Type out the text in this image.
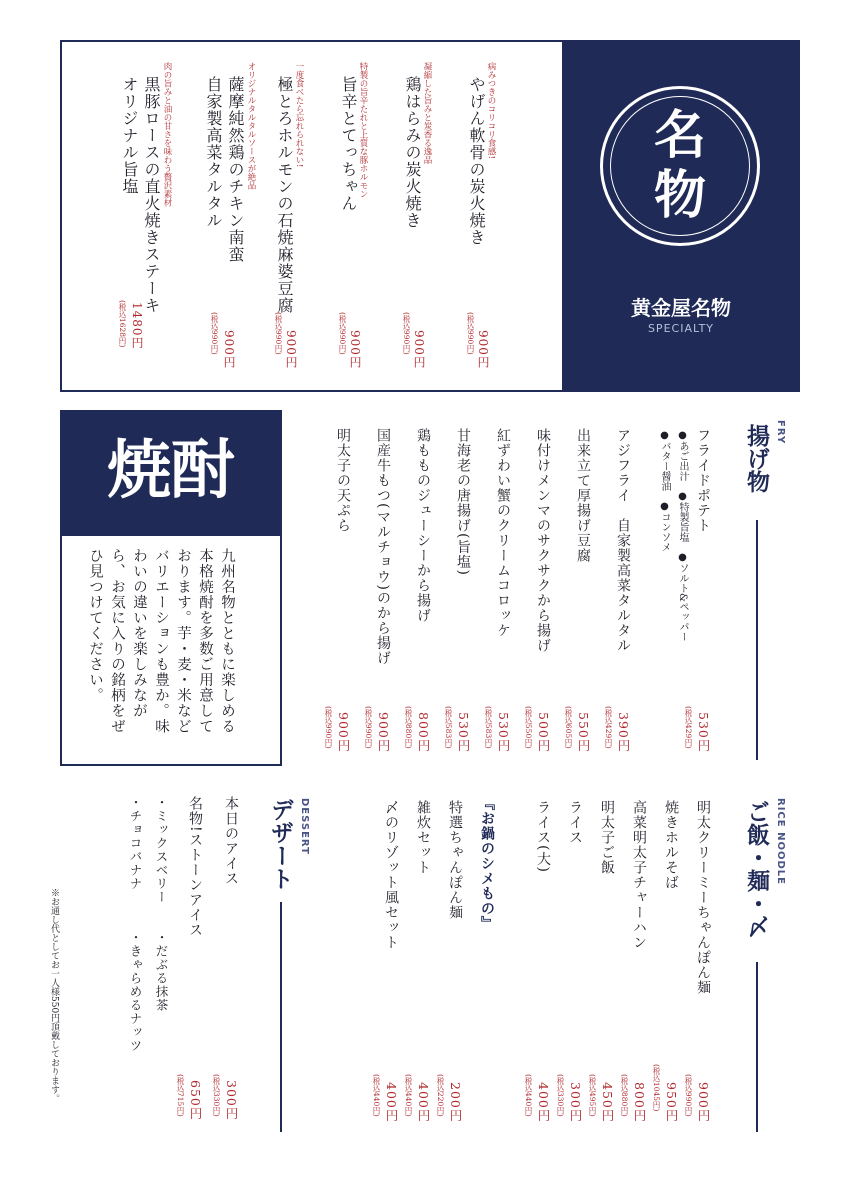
名
物
黄金屋名物
SPECIALTY
病みつきのコリコリ食感!
やげん軟骨の炭火焼き
900円
(税込990円)
凝縮した旨みと炭香る逸品
鶏はらみの炭火焼き
900円
(税込990円)
特製の旨辛たれと上質な豚ホルモン
旨辛とてっちゃん
900円
(税込990円)
一度食べたら忘れられない!
極とろホルモンの石焼麻婆豆腐
900円
(税込990円)
オリジナルタルタルソースが絶品
薩摩純然鶏のチキン南蛮
自家製高菜タルタル
900円
(税込990円)
肉の旨みと油の甘さを味わう贅沢素材
黒豚ロースの直火焼きステーキ
オリジナル旨塩
1480円
(税込1628円)
焼酎
九州名物とともに楽しめる本格焼酎を多数ご用意しております。芋・麦・米などバリエーションも豊か。味わいの違いを楽しみながら、お気に入りの銘柄をぜひ見つけてください。
FRY
揚げ物
フライドポテト
●あご出汁　●特製旨塩　●ソルト&ペッパー
●バター醤油　●コンソメ
530円
(税込429円)
アジフライ　自家製高菜タルタル
390円
(税込429円)
出来立て厚揚げ豆腐
550円
(税込605円)
味付けメンマのサクサクから揚げ
500円
(税込550円)
紅ずわい蟹のクリームコロッケ
530円
(税込583円)
甘海老の唐揚げ(旨塩)
530円
(税込583円)
鶏もものジューシーから揚げ
800円
(税込880円)
国産牛もつ(マルチョウ)のから揚げ
900円
(税込990円)
明太子の天ぷら
900円
(税込990円)
RICE NOODLE
ご飯・麺・〆
明太クリーミーちゃんぽん麺
900円
(税込990円)
焼きホルそば
950円
(税込1045円)
高菜明太子チャーハン
800円
(税込880円)
明太子ご飯
450円
(税込495円)
ライス
300円
(税込330円)
ライス(大)
400円
(税込440円)
『お鍋のシメもの』
特選ちゃんぽん麺
200円
(税込220円)
雑炊セット
400円
(税込440円)
〆のリゾット風セット
400円
(税込440円)
DESSERT
デザート
本日のアイス
300円
(税込330円)
名物!ストーンアイス
650円
(税込715円)
・ミックスベリー　　・だぶる抹茶
・チョコバナナ　　　・きゃらめるナッツ
※お通し代としてお一人様550円頂戴しております。
